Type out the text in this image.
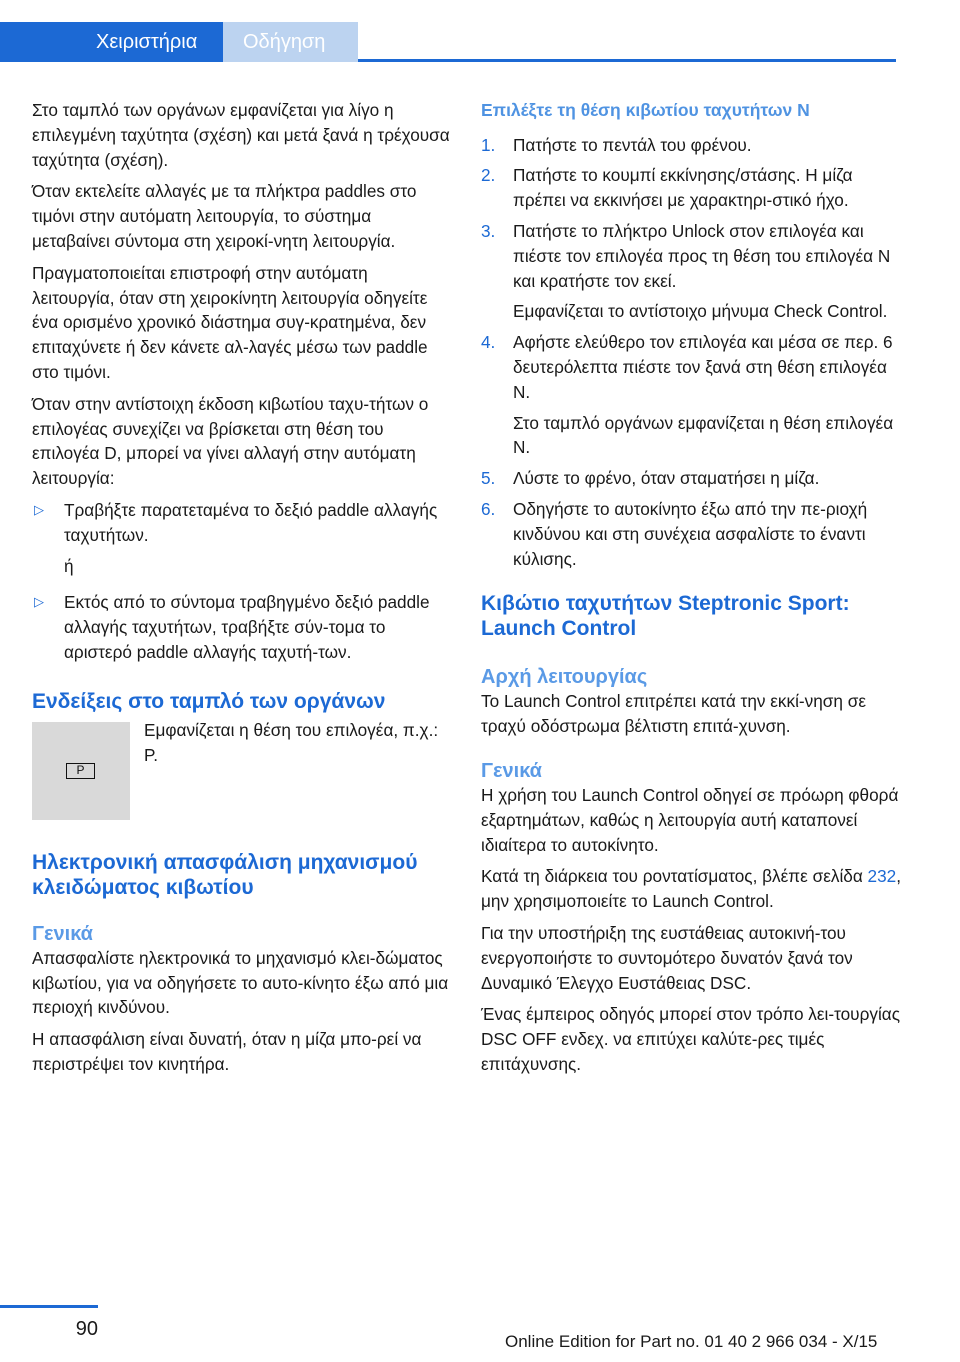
Χειριστήρια	Οδήγηση

Στο ταμπλό των οργάνων εμφανίζεται για λίγο η επιλεγμένη ταχύτητα (σχέση) και μετά ξανά η τρέχουσα ταχύτητα (σχέση).

Όταν εκτελείτε αλλαγές με τα πλήκτρα paddles στο τιμόνι στην αυτόματη λειτουργία, το σύστημα μεταβαίνει σύντομα στη χειροκί‐νητη λειτουργία.

Πραγματοποιείται επιστροφή στην αυτόματη λειτουργία, όταν στη χειροκίνητη λειτουργία οδηγείτε ένα ορισμένο χρονικό διάστημα συγ‐κρατημένα, δεν επιταχύνετε ή δεν κάνετε αλ‐λαγές μέσω των paddle στο τιμόνι.

Όταν στην αντίστοιχη έκδοση κιβωτίου ταχυ‐τήτων ο επιλογέας συνεχίζει να βρίσκεται στη θέση του επιλογέα D, μπορεί να γίνει αλλαγή στην αυτόματη λειτουργία:

▷ Τραβήξτε παρατεταμένα το δεξιό paddle αλλαγής ταχυτήτων.
ή
▷ Εκτός από το σύντομα τραβηγμένο δεξιό paddle αλλαγής ταχυτήτων, τραβήξτε σύν‐τομα το αριστερό paddle αλλαγής ταχυτή‐των.
Ενδείξεις στο ταμπλό των οργάνων
P
Εμφανίζεται η θέση του επιλογέα, π.χ.: P.
Ηλεκτρονική απασφάλιση μηχανισμού κλειδώματος κιβωτίου
Γενικά

Απασφαλίστε ηλεκτρονικά το μηχανισμό κλει‐δώματος κιβωτίου, για να οδηγήσετε το αυτο‐κίνητο έξω από μια περιοχή κινδύνου.

Η απασφάλιση είναι δυνατή, όταν η μίζα μπο‐ρεί να περιστρέψει τον κινητήρα.

Επιλέξτε τη θέση κιβωτίου ταχυτήτων N
1. Πατήστε το πεντάλ του φρένου.
2. Πατήστε το κουμπί εκκίνησης/στάσης. Η μίζα πρέπει να εκκινήσει με χαρακτηρι‐στικό ήχο.
3. Πατήστε το πλήκτρο Unlock στον επιλογέα και πιέστε τον επιλογέα προς τη θέση του επιλογέα N και κρατήστε τον εκεί.
Εμφανίζεται το αντίστοιχο μήνυμα Check Control.
4. Αφήστε ελεύθερο τον επιλογέα και μέσα σε περ. 6 δευτερόλεπτα πιέστε τον ξανά στη θέση επιλογέα N.
Στο ταμπλό οργάνων εμφανίζεται η θέση επιλογέα N.
5. Λύστε το φρένο, όταν σταματήσει η μίζα.
6. Οδηγήστε το αυτοκίνητο έξω από την πε‐ριοχή κινδύνου και στη συνέχεια ασφαλίστε το έναντι κύλισης.
Κιβώτιο ταχυτήτων Steptronic Sport: Launch Control
Αρχή λειτουργίας

Το Launch Control επιτρέπει κατά την εκκί‐νηση σε τραχύ οδόστρωμα βέλτιστη επιτά‐χυνση.

Γενικά

Η χρήση του Launch Control οδηγεί σε πρόωρη φθορά εξαρτημάτων, καθώς η λειτουργία αυτή καταπονεί ιδιαίτερα το αυτοκίνητο.

Κατά τη διάρκεια του ροντατίσματος, βλέπε σελίδα 232, μην χρησιμοποιείτε το Launch Control.

Για την υποστήριξη της ευστάθειας αυτοκινή‐του ενεργοποιήστε το συντομότερο δυνατόν ξανά τον Δυναμικό Έλεγχο Ευστάθειας DSC.

Ένας έμπειρος οδηγός μπορεί στον τρόπο λει‐τουργίας DSC OFF ενδεχ. να επιτύχει καλύτε‐ρες τιμές επιτάχυνσης.

90
Online Edition for Part no. 01 40 2 966 034 - X/15
